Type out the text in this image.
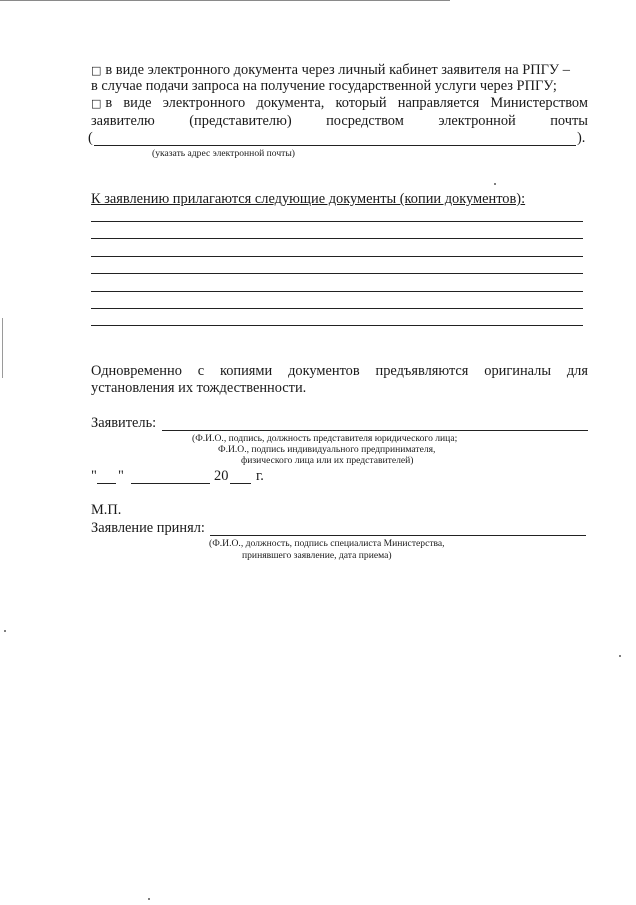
□ в виде электронного документа через личный кабинет заявителя на РПГУ –
в случае подачи запроса на получение государственной услуги через РПГУ;
□ в виде электронного документа, который направляется Министерством
заявителю (представителю) посредством электронной почты
(	).
(указать адрес электронной почты)
К заявлению прилагаются следующие документы (копии документов):
Одновременно с копиями документов предъявляются оригиналы для
установления их тождественности.
Заявитель:
(Ф.И.О., подпись, должность представителя юридического лица;
Ф.И.О., подпись индивидуального предпринимателя,
физического лица или их представителей)
" "	20 г.
М.П.
Заявление принял:
(Ф.И.О., должность, подпись специалиста Министерства,
принявшего заявление, дата приема)
